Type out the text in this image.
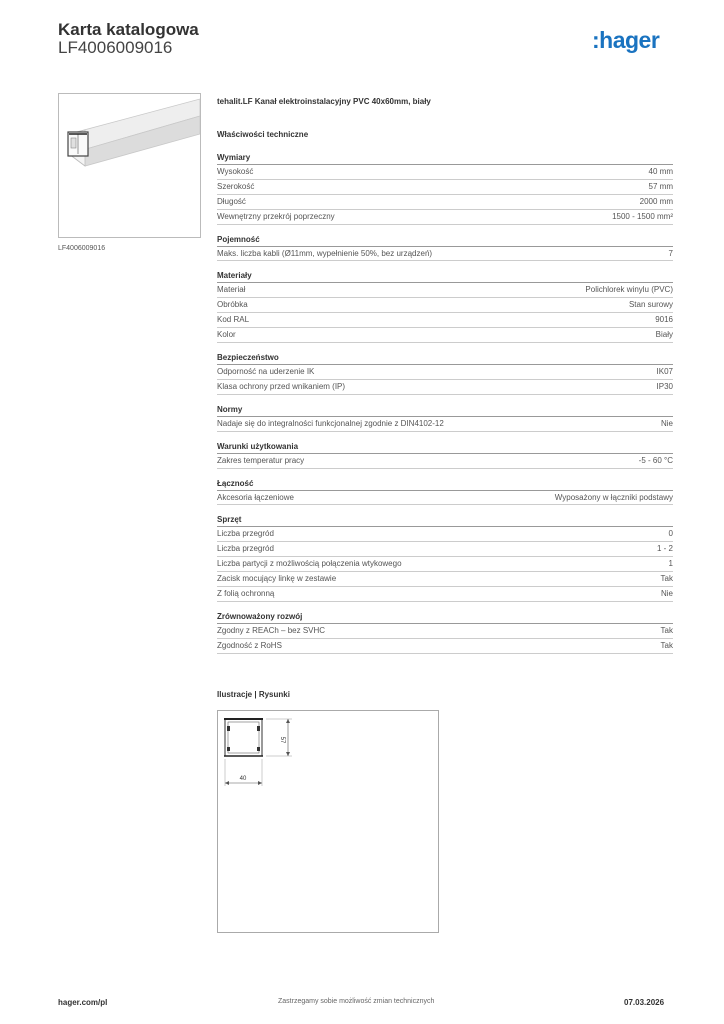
Karta katalogowa
LF4006009016	:hager
LF4006009016
tehalit.LF Kanał elektroinstalacyjny PVC 40x60mm, biały
Właściwości techniczne
Wymiary
Wysokość	40 mm
Szerokość	57 mm
Długość	2000 mm
Wewnętrzny przekrój poprzeczny	1500 - 1500 mm²
Pojemność
Maks. liczba kabli (Ø11mm, wypełnienie 50%, bez urządzeń)	7
Materiały
Materiał	Polichlorek winylu (PVC)
Obróbka	Stan surowy
Kod RAL	9016
Kolor	Biały
Bezpieczeństwo
Odporność na uderzenie IK	IK07
Klasa ochrony przed wnikaniem (IP)	IP30
Normy
Nadaje się do integralności funkcjonalnej zgodnie z DIN4102-12	Nie
Warunki użytkowania
Zakres temperatur pracy	-5 - 60 °C
Łączność
Akcesoria łączeniowe	Wyposażony w łączniki podstawy
Sprzęt
Liczba przegród	0
Liczba przegród	1 - 2
Liczba partycji z możliwością połączenia wtykowego	1
Zacisk mocujący linkę w zestawie	Tak
Z folią ochronną	Nie
Zrównoważony rozwój
Zgodny z REACh – bez SVHC	Tak
Zgodność z RoHS	Tak
Ilustracje | Rysunki
57
40
hager.com/pl	Zastrzegamy sobie możliwość zmian technicznych	07.03.2026
